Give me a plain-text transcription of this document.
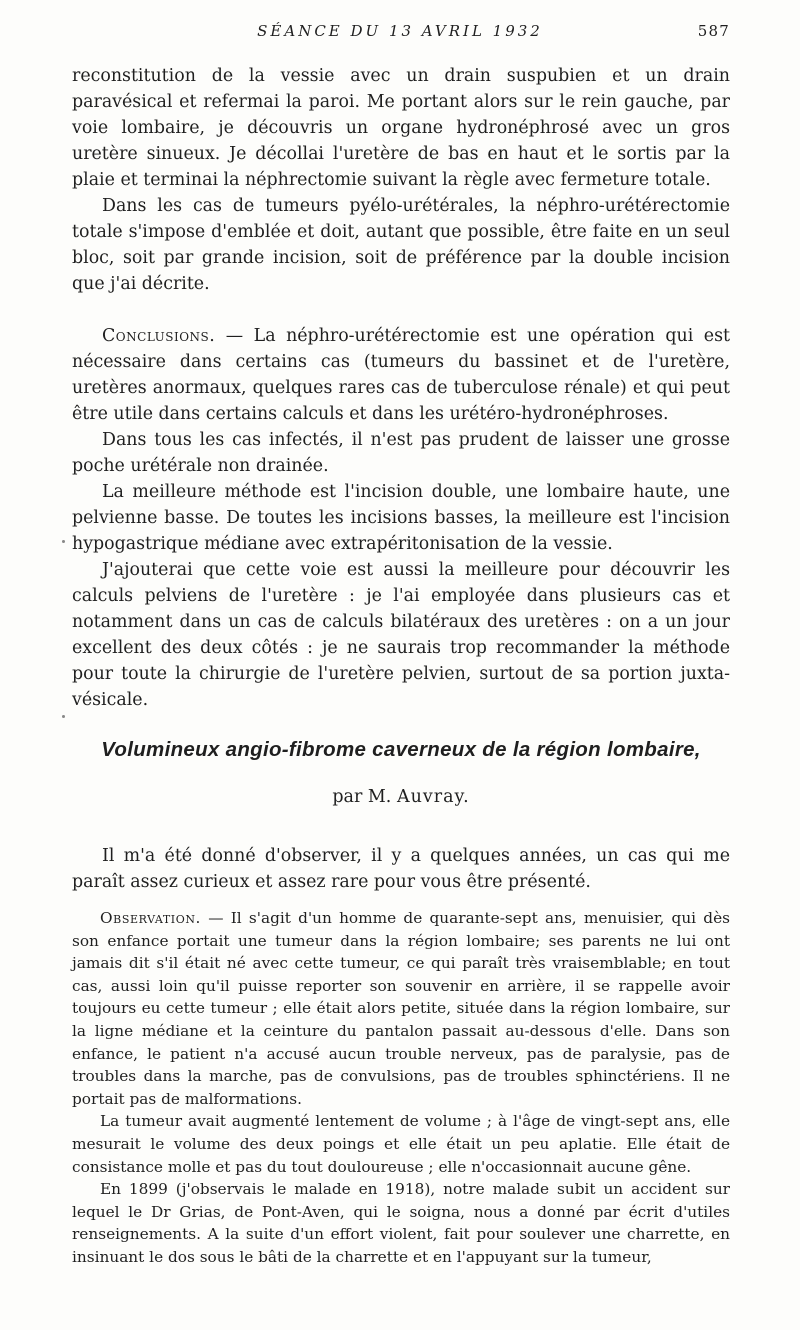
SÉANCE DU 13 AVRIL 1932	587

reconstitution de la vessie avec un drain suspubien et un drain paravésical et refermai la paroi. Me portant alors sur le rein gauche, par voie lombaire, je découvris un organe hydronéphrosé avec un gros uretère sinueux. Je décollai l'uretère de bas en haut et le sortis par la plaie et terminai la néphrectomie suivant la règle avec fermeture totale.

Dans les cas de tumeurs pyélo-urétérales, la néphro-urétérectomie totale s'impose d'emblée et doit, autant que possible, être faite en un seul bloc, soit par grande incision, soit de préférence par la double incision que j'ai décrite.

Conclusions. — La néphro-urétérectomie est une opération qui est nécessaire dans certains cas (tumeurs du bassinet et de l'uretère, uretères anormaux, quelques rares cas de tuberculose rénale) et qui peut être utile dans certains calculs et dans les urétéro-hydronéphroses.

Dans tous les cas infectés, il n'est pas prudent de laisser une grosse poche urétérale non drainée.

La meilleure méthode est l'incision double, une lombaire haute, une pelvienne basse. De toutes les incisions basses, la meilleure est l'incision hypogastrique médiane avec extrapéritonisation de la vessie.

J'ajouterai que cette voie est aussi la meilleure pour découvrir les calculs pelviens de l'uretère : je l'ai employée dans plusieurs cas et notamment dans un cas de calculs bilatéraux des uretères : on a un jour excellent des deux côtés : je ne saurais trop recommander la méthode pour toute la chirurgie de l'uretère pelvien, surtout de sa portion juxta-vésicale.

Volumineux angio-fibrome caverneux de la région lombaire,

par M. Auvray.

Il m'a été donné d'observer, il y a quelques années, un cas qui me paraît assez curieux et assez rare pour vous être présenté.

Observation. — Il s'agit d'un homme de quarante-sept ans, menuisier, qui dès son enfance portait une tumeur dans la région lombaire; ses parents ne lui ont jamais dit s'il était né avec cette tumeur, ce qui paraît très vraisemblable; en tout cas, aussi loin qu'il puisse reporter son souvenir en arrière, il se rappelle avoir toujours eu cette tumeur ; elle était alors petite, située dans la région lombaire, sur la ligne médiane et la ceinture du pantalon passait au-dessous d'elle. Dans son enfance, le patient n'a accusé aucun trouble nerveux, pas de paralysie, pas de troubles dans la marche, pas de convulsions, pas de troubles sphinctériens. Il ne portait pas de malformations.

La tumeur avait augmenté lentement de volume ; à l'âge de vingt-sept ans, elle mesurait le volume des deux poings et elle était un peu aplatie. Elle était de consistance molle et pas du tout douloureuse ; elle n'occasionnait aucune gêne.

En 1899 (j'observais le malade en 1918), notre malade subit un accident sur lequel le Dr Grias, de Pont-Aven, qui le soigna, nous a donné par écrit d'utiles renseignements. A la suite d'un effort violent, fait pour soulever une charrette, en insinuant le dos sous le bâti de la charrette et en l'appuyant sur la tumeur,
